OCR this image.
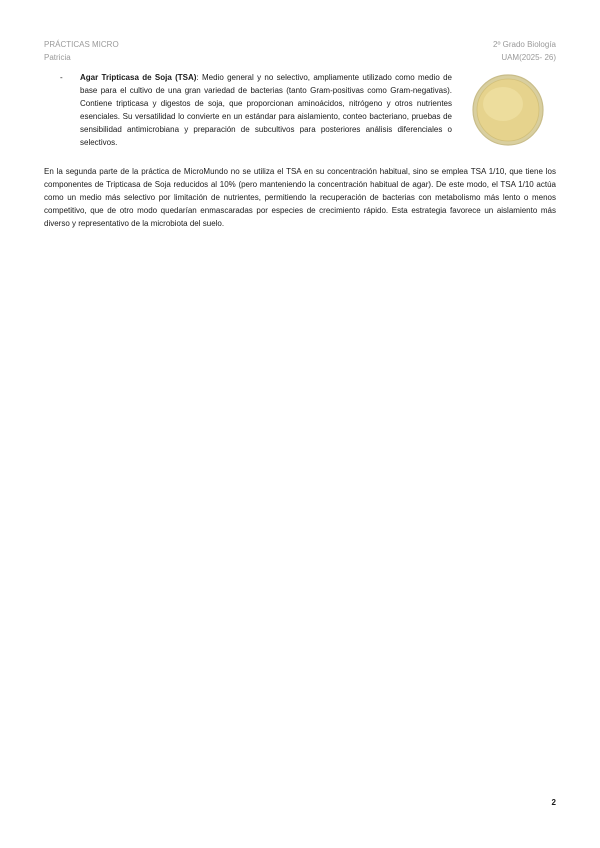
PRÁCTICAS MICRO
Patricia
2º Grado Biología
UAM(2025- 26)
- Agar Tripticasa de Soja (TSA): Medio general y no selectivo, ampliamente utilizado como medio de base para el cultivo de una gran variedad de bacterias (tanto Gram-positivas como Gram-negativas). Contiene tripticasa y digestos de soja, que proporcionan aminoácidos, nitrógeno y otros nutrientes esenciales. Su versatilidad lo convierte en un estándar para aislamiento, conteo bacteriano, pruebas de sensibilidad antimicrobiana y preparación de subcultivos para posteriores análisis diferenciales o selectivos.
En la segunda parte de la práctica de MicroMundo no se utiliza el TSA en su concentración habitual, sino se emplea TSA 1/10, que tiene los componentes de Tripticasa de Soja reducidos al 10% (pero manteniendo la concentración habitual de agar). De este modo, el TSA 1/10 actúa como un medio más selectivo por limitación de nutrientes, permitiendo la recuperación de bacterias con metabolismo más lento o menos competitivo, que de otro modo quedarían enmascaradas por especies de crecimiento rápido. Esta estrategia favorece un aislamiento más diverso y representativo de la microbiota del suelo.
2
